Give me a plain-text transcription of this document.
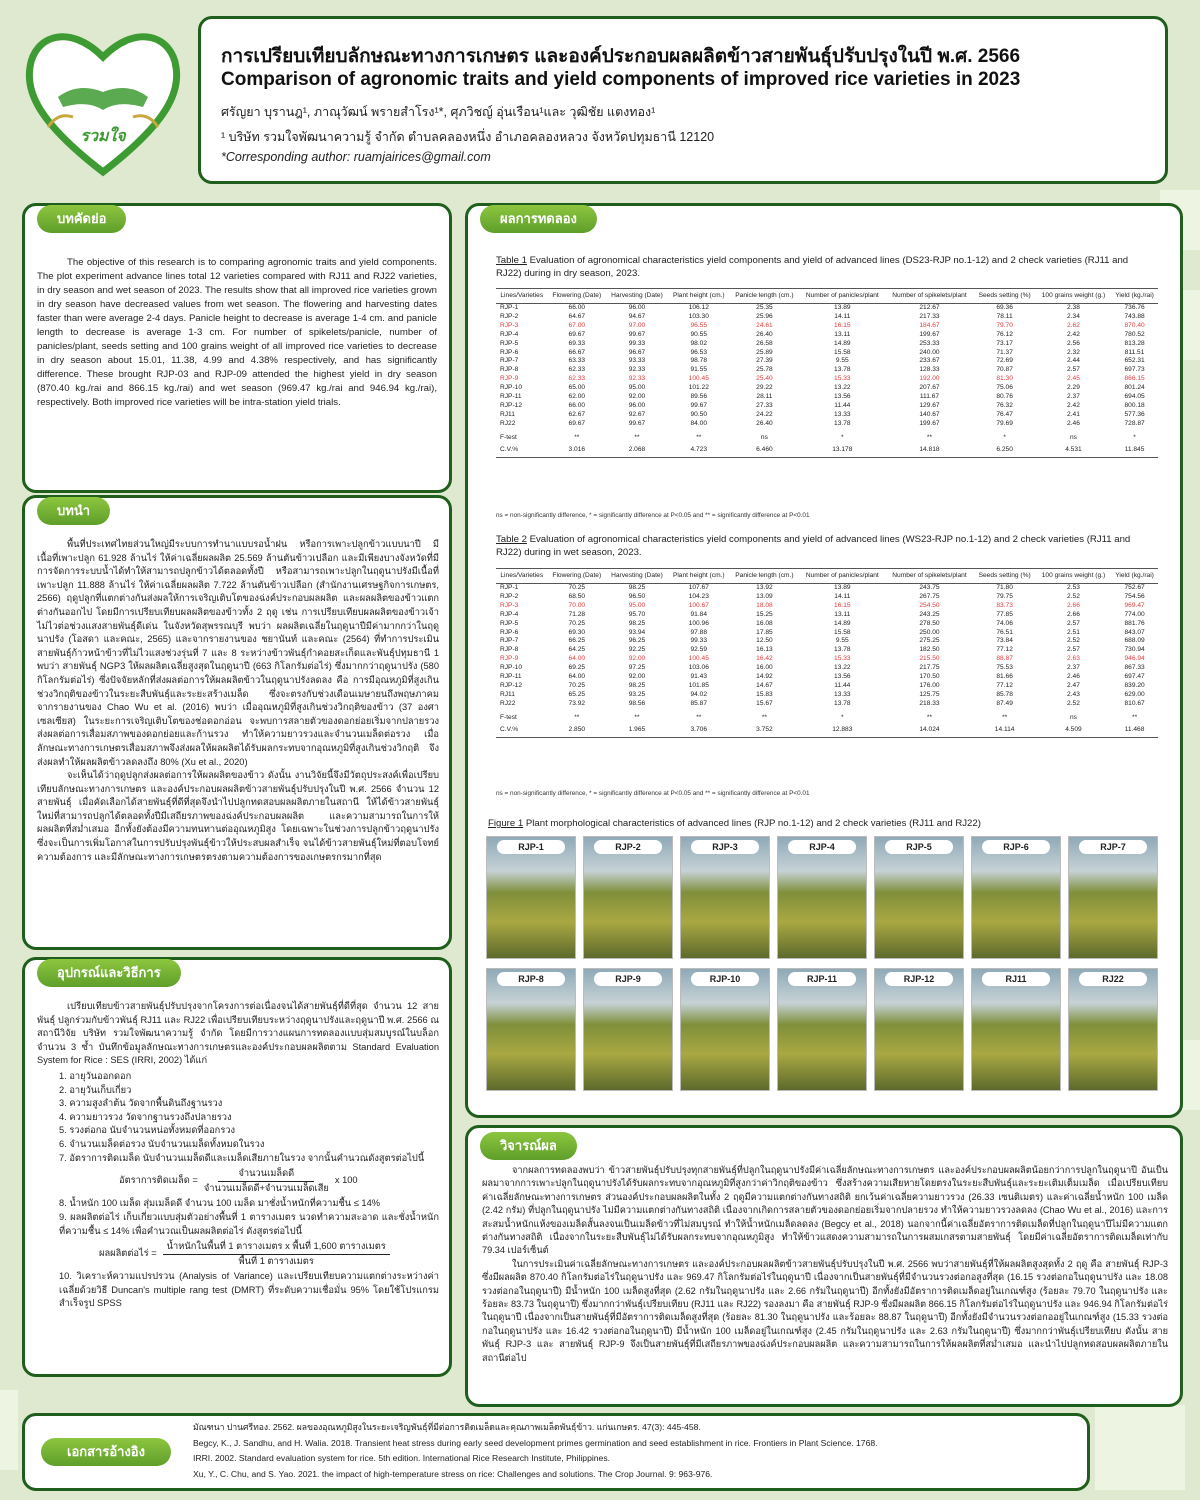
รวมใจ
การเปรียบเทียบลักษณะทางการเกษตร และองค์ประกอบผลผลิตข้าวสายพันธุ์ปรับปรุงในปี พ.ศ. 2566
Comparison of agronomic traits and yield components of improved rice varieties in 2023
ศรัญยา บุรานฎ¹, ภาณุวัฒน์ พรายสำโรง¹*, ศุภวิชญ์ อุ่นเรือน¹และ วุฒิชัย แตงทอง¹
¹ บริษัท รวมใจพัฒนาความรู้ จำกัด ตำบลคลองหนึ่ง อำเภอคลองหลวง จังหวัดปทุมธานี 12120
*Corresponding author: ruamjairices@gmail.com
บทคัดย่อ

The objective of this research is to comparing agronomic traits and yield components. The plot experiment advance lines total 12 varieties compared with RJ11 and RJ22 varieties, in dry season and wet season of 2023. The results show that all improved rice varieties grown in dry season have decreased values from wet season. The flowering and harvesting dates faster than were average 2-4 days. Panicle height to decrease is average 1-4 cm. and panicle length to decrease is average 1-3 cm. For number of spikelets/panicle, number of panicles/plant, seeds setting and 100 grains weight of all improved rice varieties to decrease in dry season about 15.01, 11.38, 4.99 and 4.38% respectively, and has significantly difference. These brought RJP-03 and RJP-09 attended the highest yield in dry season (870.40 kg./rai and 866.15 kg./rai) and wet season (969.47 kg./rai and 946.94 kg./rai), respectively. Both improved rice varieties will be intra-station yield trials.

บทนำ

พื้นที่ประเทศไทยส่วนใหญ่มีระบบการทำนาแบบรอน้ำฝน หรือการเพาะปลูกข้าวแบบนาปี มีเนื้อที่เพาะปลูก 61.928 ล้านไร่ ให้ค่าเฉลี่ยผลผลิต 25.569 ล้านตันข้าวเปลือก และมีเพียงบางจังหวัดที่มีการจัดการระบบน้ำได้ทำให้สามารถปลูกข้าวได้ตลอดทั้งปี หรือสามารถเพาะปลูกในฤดูนาปรังมีเนื้อที่เพาะปลูก 11.888 ล้านไร่ ให้ค่าเฉลี่ยผลผลิต 7.722 ล้านตันข้าวเปลือก (สำนักงานเศรษฐกิจการเกษตร, 2566) ฤดูปลูกที่แตกต่างกันส่งผลให้การเจริญเติบโตของฉ่งค์ประกอบผลผลิต และผลผลิตของข้าวแตกต่างกันออกไป โดยมีการเปรียบเทียบผลผลิตของข้าวทั้ง 2 ฤดู เช่น การเปรียบเทียบผลผลิตของข้าวเจ้าไม่ไวต่อช่วงแสงสายพันธุ์ดีเด่น ในจังหวัดสุพรรณบุรี พบว่า ผลผลิตเฉลี่ยในฤดูนาปีมีค่ามากกว่าในฤดูนาปรัง (โอสดา และคณะ, 2565) และจากรายงานของ ชยานันท์ และคณะ (2564) ที่ทำการประเมินสายพันธุ์ก้าวหน้าข้าวที่ไม่ไวแสงช่วงรุ่นที่ 7 และ 8 ระหว่างข้าวพันธุ์กำคอยสะเก็ดและพันธุ์ปทุมธานี 1 พบว่า สายพันธุ์ NGP3 ให้ผลผลิตเฉลี่ยสูงสุดในฤดูนาปี (663 กิโลกรัมต่อไร่) ซึ่งมากกว่าฤดูนาปรัง (580 กิโลกรัมต่อไร่) ซึ่งปัจจัยหลักที่ส่งผลต่อการให้ผลผลิตข้าวในฤดูนาปรังลดลง คือ การมีอุณหภูมิที่สูงเกินช่วงวิกฤติของข้าวในระยะสืบพันธุ์และระยะสร้างเมล็ด ซึ่งจะตรงกับช่วงเดือนเมษายนถึงพฤษภาคม จากรายงานของ Chao Wu et al. (2016) พบว่า เมื่ออุณหภูมิที่สูงเกินช่วงวิกฤติของข้าว (37 องศาเซลเซียส) ในระยะการเจริญเติบโตของช่อดอกอ่อน จะพบการสลายตัวของดอกย่อยเริ่มจากปลายรวง ส่งผลต่อการเสื่อมสภาพของดอกย่อยและก้านรวง ทำให้ความยาวรวงและจำนวนเมล็ดต่อรวง เมื่อลักษณะทางการเกษตรเสื่อมสภาพจึงส่งผลให้ผลผลิตได้รับผลกระทบจากอุณหภูมิที่สูงเกินช่วงวิกฤติ จึงส่งผลทำให้ผลผลิตข้าวลดลงถึง 80% (Xu et al., 2020)

จะเห็นได้ว่าฤดูปลูกส่งผลต่อการให้ผลผลิตของข้าว ดังนั้น งานวิจัยนี้จึงมีวัตถุประสงค์เพื่อเปรียบเทียบลักษณะทางการเกษตร และองค์ประกอบผลผลิตข้าวสายพันธุ์ปรับปรุงในปี พ.ศ. 2566 จำนวน 12 สายพันธุ์ เมื่อคัดเลือกได้สายพันธุ์ที่ดีที่สุดจึงนำไปปลูกทดสอบผลผลิตภายในสถานี ให้ได้ข้าวสายพันธุ์ใหม่ที่สามารถปลูกได้ตลอดทั้งปีมีเสถียรภาพของฉ่งค์ประกอบผลผลิต และความสามารถในการให้ผลผลิตที่สม่ำเสมอ อีกทั้งยังต้องมีความทนทานต่ออุณหภูมิสูง โดยเฉพาะในช่วงการปลูกข้าวฤดูนาปรังซึ่งจะเป็นการเพิ่มโอกาสในการปรับปรุงพันธุ์ข้าวให้ประสบผลสำเร็จ จนได้ข้าวสายพันธุ์ใหม่ที่ตอบโจทย์ความต้องการ และมีลักษณะทางการเกษตรตรงตามความต้องการของเกษตรกรมากที่สุด

อุปกรณ์และวิธีการ

เปรียบเทียบข้าวสายพันธุ์ปรับปรุงจากโครงการต่อเนื่องจนได้สายพันธุ์ที่ดีที่สุด จำนวน 12 สายพันธุ์ ปลูกร่วมกับข้าวพันธุ์ RJ11 และ RJ22 เพื่อเปรียบเทียบระหว่างฤดูนาปรังและฤดูนาปี พ.ศ. 2566 ณ สถานีวิจัย บริษัท รวมใจพัฒนาความรู้ จำกัด โดยมีการวางแผนการทดลองแบบสุ่มสมบูรณ์ในบล็อก จำนวน 3 ซ้ำ บันทึกข้อมูลลักษณะทางการเกษตรและองค์ประกอบผลผลิตตาม Standard Evaluation System for Rice : SES (IRRI, 2002) ได้แก่

1. อายุวันออกดอก
2. อายุวันเก็บเกี่ยว
3. ความสูงลำต้น วัดจากพื้นดินถึงฐานรวง
4. ความยาวรวง วัดจากฐานรวงถึงปลายรวง
5. รวงต่อกอ นับจำนวนหน่อทั้งหมดที่ออกรวง
6. จำนวนเมล็ดต่อรวง นับจำนวนเมล็ดทั้งหมดในรวง
7. อัตราการติดเมล็ด นับจำนวนเมล็ดดีและเมล็ดเสียภายในรวง จากนั้นคำนวณดังสูตรต่อไปนี้
อัตราการติดเมล็ด =
จำนวนเมล็ดดี
จำนวนเมล็ดดี+จำนวนเมล็ดเสีย
x 100
8. น้ำหนัก 100 เมล็ด สุ่มเมล็ดดี จำนวน 100 เมล็ด มาชั่งน้ำหนักที่ความชื้น ≤ 14%
9. ผลผลิตต่อไร่ เก็บเกี่ยวแบบสุ่มตัวอย่างพื้นที่ 1 ตารางเมตร นวดทำความสะอาด และชั่งน้ำหนักที่ความชื้น ≤ 14% เพื่อคำนวณเป็นผลผลิตต่อไร่ ดังสูตรต่อไปนี้
ผลผลิตต่อไร่ =
น้ำหนักในพื้นที่ 1 ตารางเมตร x พื้นที่ 1,600 ตารางเมตร
พื้นที่ 1 ตารางเมตร
10. วิเคราะห์ความแปรปรวน (Analysis of Variance) และเปรียบเทียบความแตกต่างระหว่างค่าเฉลี่ยด้วยวิธี Duncan's multiple rang test (DMRT) ที่ระดับความเชื่อมั่น 95% โดยใช้โปรแกรมสำเร็จรูป SPSS
ผลการทดลอง
Table 1 Evaluation of agronomical characteristics yield components and yield of advanced lines (DS23-RJP no.1-12) and 2 check varieties (RJ11 and RJ22) during in dry season, 2023.
Lines/Varieties	Flowering (Date)	Harvesting (Date)	Plant height (cm.)	Panicle length (cm.)	Number of panicles/plant	Number of spikelets/plant	Seeds setting (%)	100 grains weight (g.)	Yield (kg./rai)
RJP-1	66.00	96.00	106.12	25.35	13.89	212.67	69.36	2.38	736.76
RJP-2	64.67	94.67	103.30	25.96	14.11	217.33	78.11	2.34	743.88
RJP-3	67.00	97.00	96.55	24.61	16.15	184.67	79.70	2.62	870.40
RJP-4	69.67	99.67	90.55	26.40	13.11	199.67	76.12	2.42	780.52
RJP-5	69.33	99.33	98.02	26.58	14.89	253.33	73.17	2.56	813.28
RJP-6	66.67	96.67	96.53	25.89	15.58	240.00	71.37	2.32	811.51
RJP-7	63.33	93.33	98.78	27.39	9.55	233.67	72.69	2.44	652.31
RJP-8	62.33	92.33	91.55	25.78	13.78	128.33	70.87	2.57	697.73
RJP-9	62.33	92.33	100.45	25.40	15.33	192.00	81.30	2.45	866.15
RJP-10	65.00	95.00	101.22	29.22	13.22	207.67	75.06	2.29	801.24
RJP-11	62.00	92.00	89.56	28.11	13.56	111.67	80.76	2.37	694.05
RJP-12	66.00	96.00	99.67	27.33	11.44	129.67	76.32	2.42	800.18
RJ11	62.67	92.67	90.50	24.22	13.33	140.67	76.47	2.41	577.36
RJ22	69.67	99.67	84.00	26.40	13.78	199.67	79.69	2.46	728.87
F-test	**	**	**	ns	*	**	*	ns	*
C.V.%	3.016	2.068	4.723	6.460	13.178	14.818	6.250	4.531	11.845
ns = non-significantly difference, * = significantly difference at P<0.05 and ** = significantly difference at P<0.01
Table 2 Evaluation of agronomical characteristics yield components and yield of advanced lines (WS23-RJP no.1-12) and 2 check varieties (RJ11 and RJ22) during in wet season, 2023.
Lines/Varieties	Flowering (Date)	Harvesting (Date)	Plant height (cm.)	Panicle length (cm.)	Number of panicles/plant	Number of spikelets/plant	Seeds setting (%)	100 grains weight (g.)	Yield (kg./rai)
RJP-1	70.25	98.25	107.67	13.92	13.89	243.75	71.80	2.53	752.67
RJP-2	68.50	96.50	104.23	13.09	14.11	267.75	79.75	2.52	754.56
RJP-3	70.00	95.00	100.67	18.08	16.15	254.50	83.73	2.66	969.47
RJP-4	71.28	95.70	91.84	15.25	13.11	243.25	77.85	2.66	774.00
RJP-5	70.25	98.25	100.96	16.08	14.89	278.50	74.06	2.57	881.76
RJP-6	69.30	93.94	97.88	17.85	15.58	250.00	76.51	2.51	843.07
RJP-7	66.25	96.25	99.33	12.50	9.55	275.25	73.84	2.52	688.09
RJP-8	64.25	92.25	92.59	16.13	13.78	182.50	77.12	2.57	730.94
RJP-9	64.00	92.00	100.45	16.42	15.33	215.50	88.87	2.63	946.94
RJP-10	69.25	97.25	103.06	16.00	13.22	217.75	75.53	2.37	867.33
RJP-11	64.00	92.00	91.43	14.92	13.56	170.50	81.66	2.46	697.47
RJP-12	70.25	98.25	101.85	14.67	11.44	176.00	77.12	2.47	839.20
RJ11	65.25	93.25	94.02	15.83	13.33	125.75	85.78	2.43	629.00
RJ22	73.92	98.56	85.87	15.67	13.78	218.33	87.49	2.52	810.67
F-test	**	**	**	**	*	**	**	ns	**
C.V.%	2.850	1.965	3.706	3.752	12.883	14.024	14.114	4.509	11.468
ns = non-significantly difference, * = significantly difference at P<0.05 and ** = significantly difference at P<0.01
Figure 1 Plant morphological characteristics of advanced lines (RJP no.1-12) and 2 check varieties (RJ11 and RJ22)
RJP-1	RJP-2	RJP-3	RJP-4	RJP-5	RJP-6	RJP-7
RJP-8	RJP-9	RJP-10	RJP-11	RJP-12	RJ11	RJ22
วิจารณ์ผล

จากผลการทดลองพบว่า ข้าวสายพันธุ์ปรับปรุงทุกสายพันธุ์ที่ปลูกในฤดูนาปรังมีค่าเฉลี่ยลักษณะทางการเกษตร และองค์ประกอบผลผลิตน้อยกว่าการปลูกในฤดูนาปี อันเป็นผลมาจากการเพาะปลูกในฤดูนาปรังได้รับผลกระทบจากอุณหภูมิที่สูงกว่าค่าวิกฤติของข้าว ซึ่งสร้างความเสียหายโดยตรงในระยะสืบพันธุ์และระยะเติมเต็มเมล็ด เมื่อเปรียบเทียบค่าเฉลี่ยลักษณะทางการเกษตร ส่วนองค์ประกอบผลผลิตในทั้ง 2 ฤดูมีความแตกต่างกันทางสถิติ ยกเว้นค่าเฉลี่ยความยาวรวง (26.33 เซนติเมตร) และค่าเฉลี่ยน้ำหนัก 100 เมล็ด (2.42 กรัม) ที่ปลูกในฤดูนาปรัง ไม่มีความแตกต่างกันทางสถิติ เนื่องจากเกิดการสลายตัวของดอกย่อยเริ่มจากปลายรวง ทำให้ความยาวรวงลดลง (Chao Wu et al., 2016) และการสะสมน้ำหนักแห้งของเมล็ดสั้นลงจนเป็นเมล็ดข้าวที่ไม่สมบูรณ์ ทำให้น้ำหนักเมล็ดลดลง (Begcy et al., 2018) นอกจากนี้ค่าเฉลี่ยอัตราการติดเมล็ดที่ปลูกในฤดูนาปีไม่มีความแตกต่างกันทางสถิติ เนื่องจากในระยะสืบพันธุ์ไม่ได้รับผลกระทบจากอุณหภูมิสูง ทำให้ข้าวแสดงความสามารถในการผสมเกสรตามสายพันธุ์ โดยมีค่าเฉลี่ยอัตราการติดเมล็ดเท่ากับ 79.34 เปอร์เซ็นต์

ในการประเมินค่าเฉลี่ยลักษณะทางการเกษตร และองค์ประกอบผลผลิตข้าวสายพันธุ์ปรับปรุงในปี พ.ศ. 2566 พบว่าสายพันธุ์ที่ให้ผลผลิตสูงสุดทั้ง 2 ฤดู คือ สายพันธุ์ RJP-3 ซึ่งมีผลผลิต 870.40 กิโลกรัมต่อไร่ในฤดูนาปรัง และ 969.47 กิโลกรัมต่อไร่ในฤดูนาปี เนื่องจากเป็นสายพันธุ์ที่มีจำนวนรวงต่อกอสูงที่สุด (16.15 รวงต่อกอในฤดูนาปรัง และ 18.08 รวงต่อกอในฤดูนาปี) มีน้ำหนัก 100 เมล็ดสูงที่สุด (2.62 กรัมในฤดูนาปรัง และ 2.66 กรัมในฤดูนาปี) อีกทั้งยังมีอัตราการติดเมล็ดอยู่ในเกณฑ์สูง (ร้อยละ 79.70 ในฤดูนาปรัง และร้อยละ 83.73 ในฤดูนาปี) ซึ่งมากกว่าพันธุ์เปรียบเทียบ (RJ11 และ RJ22) รองลงมา คือ สายพันธุ์ RJP-9 ซึ่งมีผลผลิต 866.15 กิโลกรัมต่อไร่ในฤดูนาปรัง และ 946.94 กิโลกรัมต่อไร่ในฤดูนาปี เนื่องจากเป็นสายพันธุ์ที่มีอัตราการติดเมล็ดสูงที่สุด (ร้อยละ 81.30 ในฤดูนาปรัง และร้อยละ 88.87 ในฤดูนาปี) อีกทั้งยังมีจำนวนรวงต่อกออยู่ในเกณฑ์สูง (15.33 รวงต่อกอในฤดูนาปรัง และ 16.42 รวงต่อกอในฤดูนาปี) มีน้ำหนัก 100 เมล็ดอยู่ในเกณฑ์สูง (2.45 กรัมในฤดูนาปรัง และ 2.63 กรัมในฤดูนาปี) ซึ่งมากกว่าพันธุ์เปรียบเทียบ ดังนั้น สายพันธุ์ RJP-3 และ สายพันธุ์ RJP-9 จึงเป็นสายพันธุ์ที่มีเสถียรภาพของฉ่งค์ประกอบผลผลิต และความสามารถในการให้ผลผลิตที่สม่ำเสมอ และนำไปปลูกทดสอบผลผลิตภายในสถานีต่อไป

เอกสารอ้างอิง
มัณฑนา ปานศรีทอง. 2562. ผลของอุณหภูมิสูงในระยะเจริญพันธุ์ที่มีต่อการติดเมล็ดและคุณภาพเมล็ดพันธุ์ข้าว. แก่นเกษตร. 47(3): 445-458.
Begcy, K., J. Sandhu, and H. Walia. 2018. Transient heat stress during early seed development primes germination and seed establishment in rice. Frontiers in Plant Science. 1768.
IRRI. 2002. Standard evaluation system for rice. 5th edition. International Rice Research Institute, Philippines.
Xu, Y., C. Chu, and S. Yao. 2021. the impact of high-temperature stress on rice: Challenges and solutions. The Crop Journal. 9: 963-976.
